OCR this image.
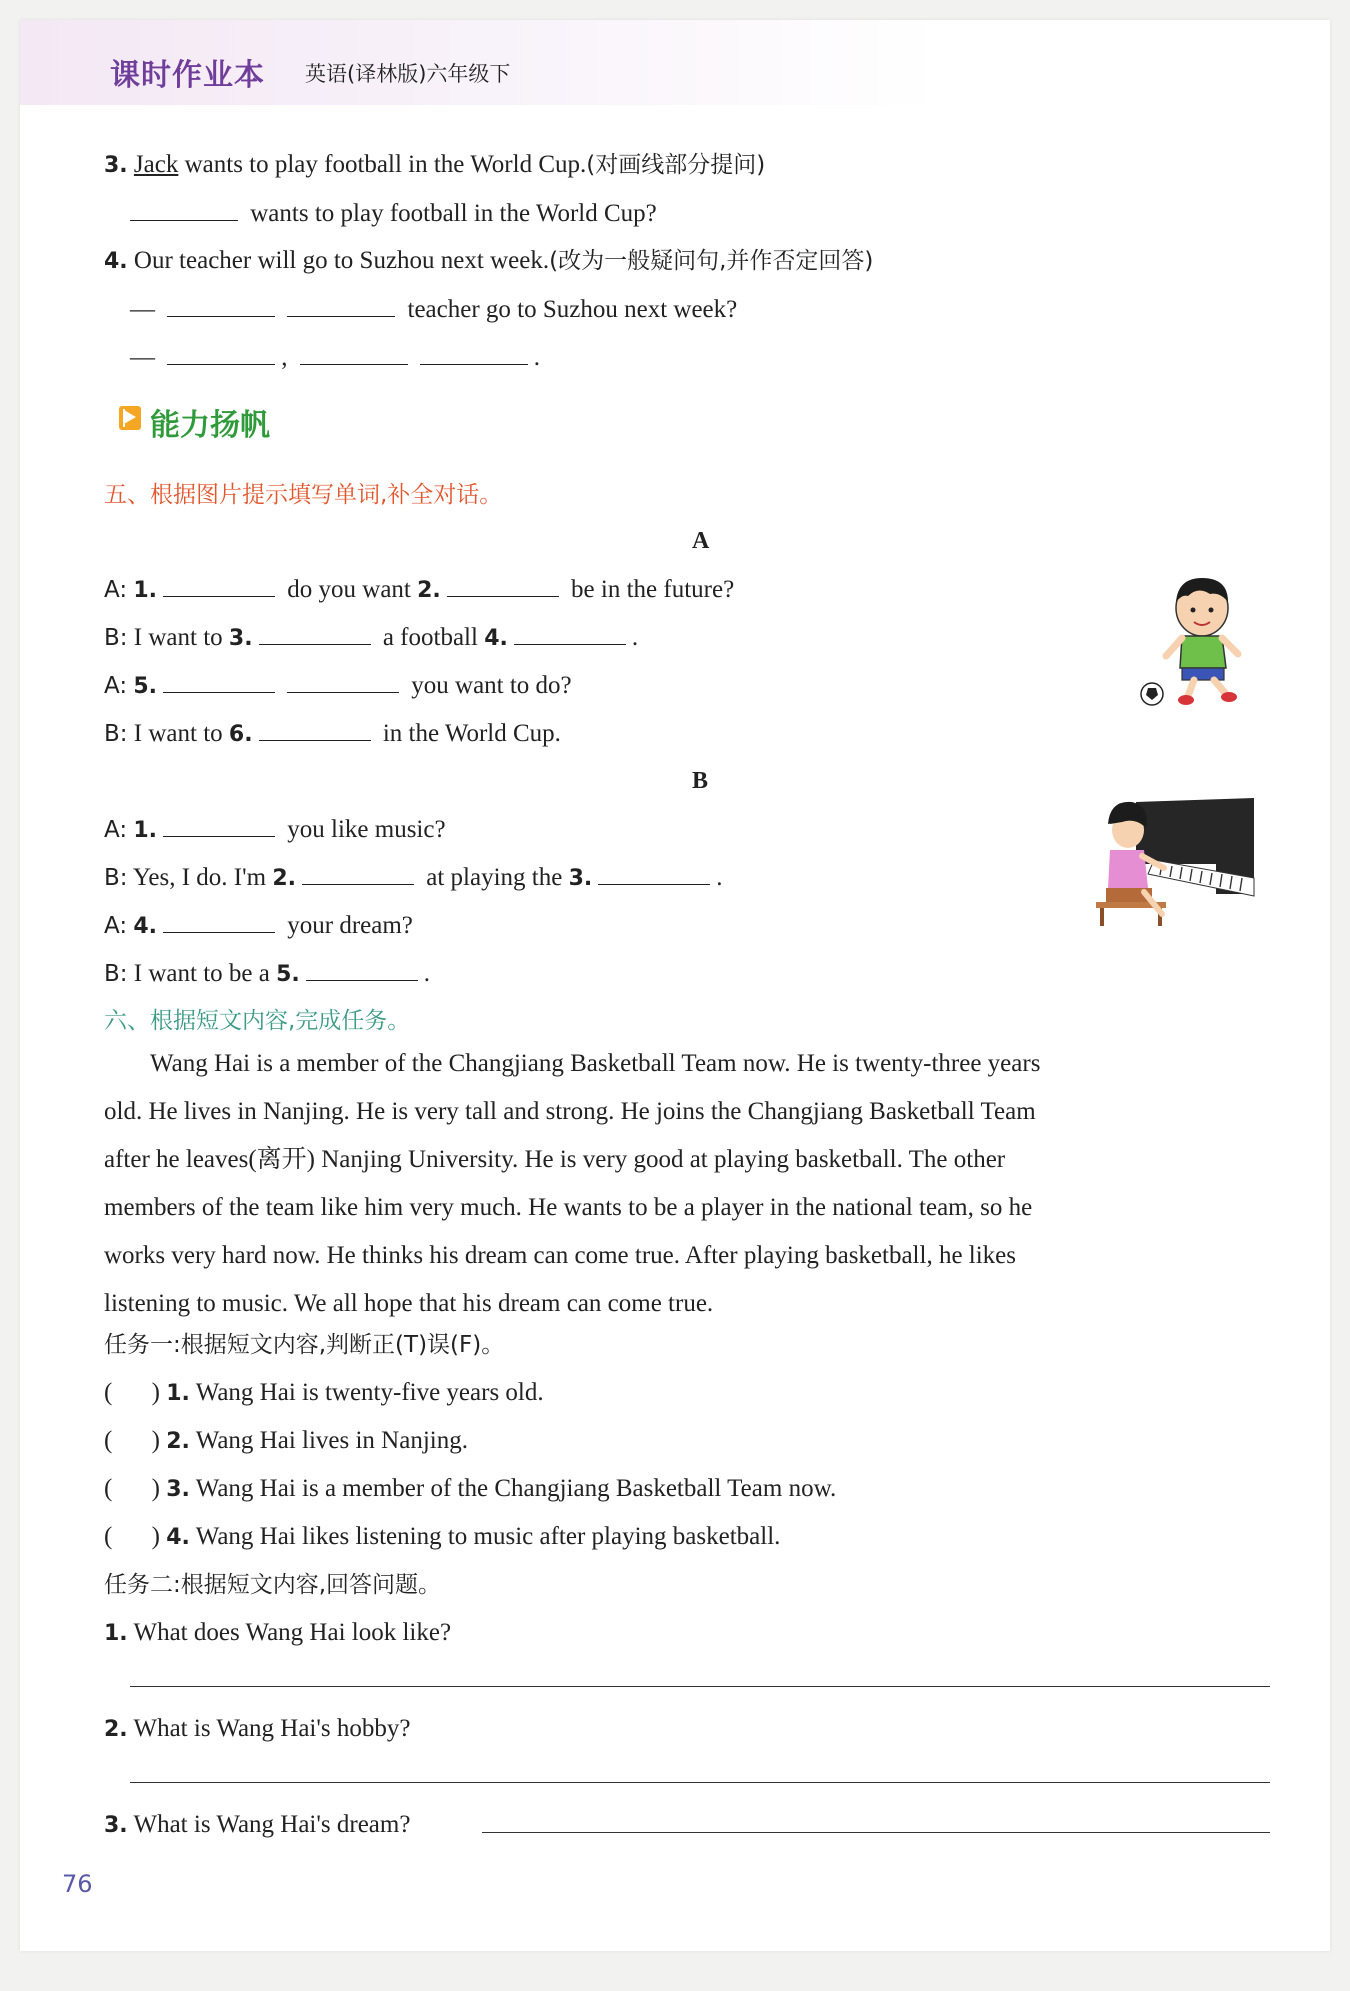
课时作业本 英语(译林版)六年级下
3. Jack wants to play football in the World Cup.(对画线部分提问)
wants to play football in the World Cup?
4. Our teacher will go to Suzhou next week.(改为一般疑问句,并作否定回答)
—	teacher go to Suzhou next week?
—	,	.
能力扬帆
五、根据图片提示填写单词,补全对话。
A
A: 1.	do you want 2.	be in the future?
B: I want to 3.	a football 4.	.
A: 5.	you want to do?
B: I want to 6.	in the World Cup.
B
A: 1.	you like music?
B: Yes, I do. I'm 2.	at playing the 3.	.
A: 4.	your dream?
B: I want to be a 5.	.
六、根据短文内容,完成任务。
Wang Hai is a member of the Changjiang Basketball Team now. He is twenty-three years
old. He lives in Nanjing. He is very tall and strong. He joins the Changjiang Basketball Team
after he leaves(离开) Nanjing University. He is very good at playing basketball. The other
members of the team like him very much. He wants to be a player in the national team, so he
works very hard now. He thinks his dream can come true. After playing basketball, he likes
listening to music. We all hope that his dream can come true.
任务一:根据短文内容,判断正(T)误(F)。
( ) 1. Wang Hai is twenty-five years old.
( ) 2. Wang Hai lives in Nanjing.
( ) 3. Wang Hai is a member of the Changjiang Basketball Team now.
( ) 4. Wang Hai likes listening to music after playing basketball.
任务二:根据短文内容,回答问题。
1. What does Wang Hai look like?
2. What is Wang Hai's hobby?
3. What is Wang Hai's dream?
76
